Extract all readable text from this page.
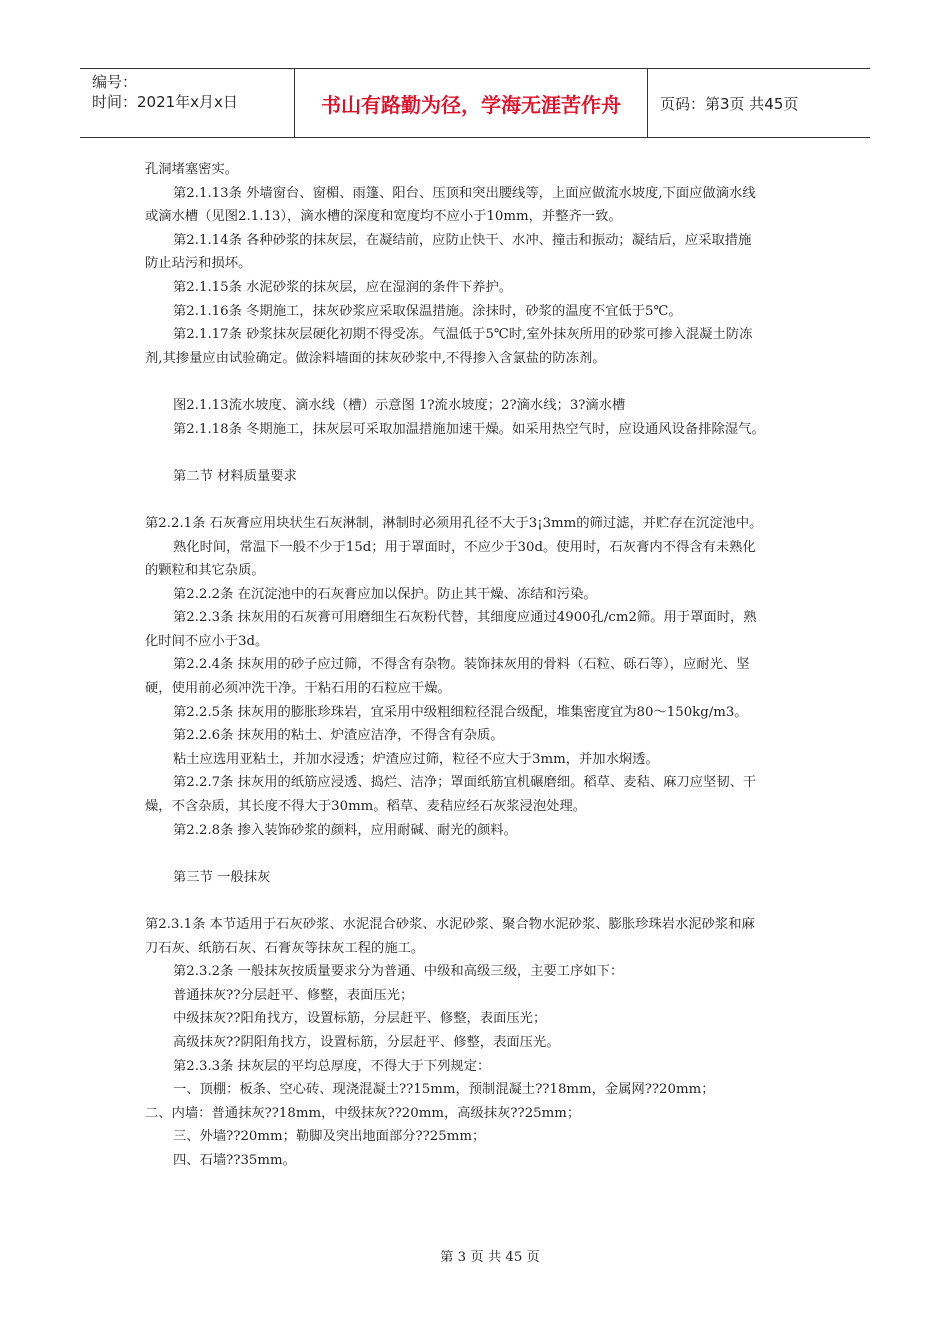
编号：
时间：2021年x月x日	书山有路勤为径，学海无涯苦作舟	页码：第3页 共45页
孔洞堵塞密实。
第2.1.13条 外墙窗台、窗楣、雨篷、阳台、压顶和突出腰线等，上面应做流水坡度,下面应做滴水线
或滴水槽（见图2.1.13），滴水槽的深度和宽度均不应小于10mm，并整齐一致。
第2.1.14条 各种砂浆的抹灰层，在凝结前，应防止快干、水冲、撞击和振动；凝结后，应采取措施
防止玷污和损坏。
第2.1.15条 水泥砂浆的抹灰层，应在湿润的条件下养护。
第2.1.16条 冬期施工，抹灰砂浆应采取保温措施。涂抹时，砂浆的温度不宜低于5℃。
第2.1.17条 砂浆抹灰层硬化初期不得受冻。气温低于5℃时,室外抹灰所用的砂浆可掺入混凝土防冻
剂,其掺量应由试验确定。做涂料墙面的抹灰砂浆中,不得掺入含氯盐的防冻剂。
图2.1.13流水坡度、滴水线（槽）示意图 1?流水坡度；2?滴水线；3?滴水槽
第2.1.18条 冬期施工，抹灰层可采取加温措施加速干燥。如采用热空气时，应设通风设备排除湿气。
第二节 材料质量要求
第2.2.1条 石灰膏应用块状生石灰淋制，淋制时必须用孔径不大于3¡3mm的筛过滤，并贮存在沉淀池中。
熟化时间，常温下一般不少于15d；用于罩面时，不应少于30d。使用时，石灰膏内不得含有未熟化
的颗粒和其它杂质。
第2.2.2条 在沉淀池中的石灰膏应加以保护。防止其干燥、冻结和污染。
第2.2.3条 抹灰用的石灰膏可用磨细生石灰粉代替，其细度应通过4900孔/cm2筛。用于罩面时，熟
化时间不应小于3d。
第2.2.4条 抹灰用的砂子应过筛，不得含有杂物。装饰抹灰用的骨料（石粒、砾石等），应耐光、坚
硬，使用前必须冲洗干净。干粘石用的石粒应干燥。
第2.2.5条 抹灰用的膨胀珍珠岩，宜采用中级粗细粒径混合级配，堆集密度宜为80～150kg/m3。
第2.2.6条 抹灰用的粘土、炉渣应洁净，不得含有杂质。
粘土应选用亚粘土，并加水浸透；炉渣应过筛，粒径不应大于3mm，并加水焖透。
第2.2.7条 抹灰用的纸筋应浸透、捣烂、洁净；罩面纸筋宜机碾磨细。稻草、麦秸、麻刀应坚韧、干
燥，不含杂质，其长度不得大于30mm。稻草、麦秸应经石灰浆浸泡处理。
第2.2.8条 掺入装饰砂浆的颜料，应用耐碱、耐光的颜料。
第三节 一般抹灰
第2.3.1条 本节适用于石灰砂浆、水泥混合砂浆、水泥砂浆、聚合物水泥砂浆、膨胀珍珠岩水泥砂浆和麻
刀石灰、纸筋石灰、石膏灰等抹灰工程的施工。
第2.3.2条 一般抹灰按质量要求分为普通、中级和高级三级，主要工序如下：
普通抹灰??分层赶平、修整，表面压光；
中级抹灰??阳角找方，设置标筋，分层赶平、修整，表面压光；
高级抹灰??阴阳角找方，设置标筋，分层赶平、修整，表面压光。
第2.3.3条 抹灰层的平均总厚度，不得大于下列规定：
一、顶棚：板条、空心砖、现浇混凝土??15mm，预制混凝土??18mm，金属网??20mm；
二、内墙：普通抹灰??18mm，中级抹灰??20mm，高级抹灰??25mm；
三、外墙??20mm；勒脚及突出地面部分??25mm；
四、石墙??35mm。
第 3 页 共 45 页
